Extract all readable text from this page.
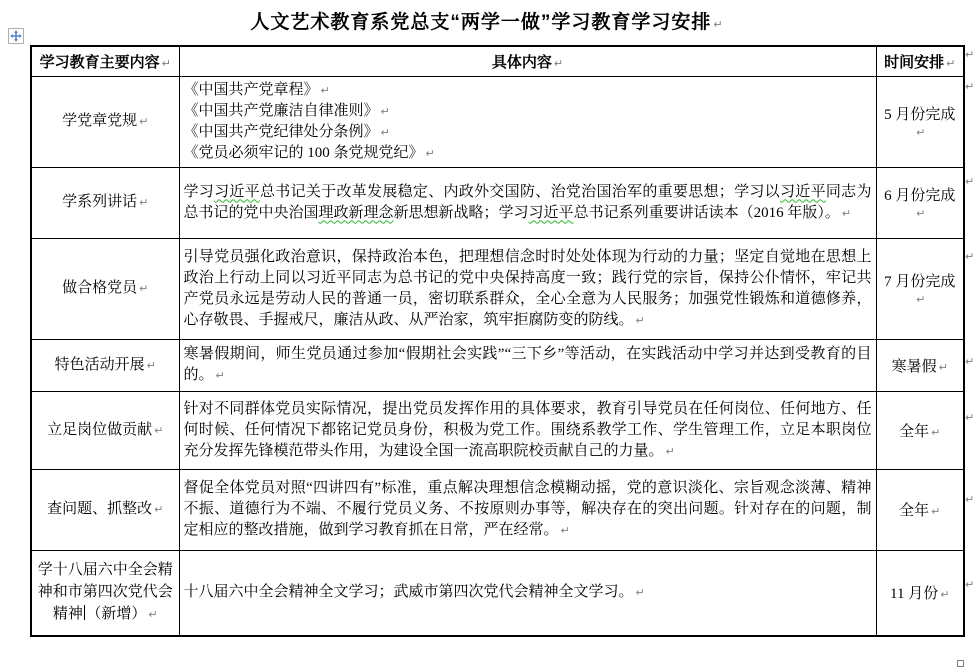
人文艺术教育系党总支“两学一做”学习教育学习安排 ↵
学习教育主要内容 ↵	具体内容 ↵	时间安排 ↵
学党章党规 ↵	《中国共产党章程》 ↵
《中国共产党廉洁自律准则》 ↵
《中国共产党纪律处分条例》 ↵
《党员必须牢记的 100 条党规党纪》 ↵	5 月份完成↵
学系列讲话 ↵	学习习近平总书记关于改革发展稳定、内政外交国防、治党治国治军的重要思想；学习以习近平同志为总书记的党中央治国理政新理念新思想新战略；学习习近平总书记系列重要讲话读本（2016 年版）。 ↵	6 月份完成↵
做合格党员 ↵	引导党员强化政治意识，保持政治本色，把理想信念时时处处体现为行动的力量；坚定自觉地在思想上政治上行动上同以习近平同志为总书记的党中央保持高度一致；践行党的宗旨，保持公仆情怀，牢记共产党员永远是劳动人民的普通一员，密切联系群众，全心全意为人民服务；加强党性锻炼和道德修养，心存敬畏、手握戒尺，廉洁从政、从严治家，筑牢拒腐防变的防线。 ↵	7 月份完成↵
特色活动开展 ↵	寒暑假期间，师生党员通过参加“假期社会实践”“三下乡”等活动，在实践活动中学习并达到受教育的目的。 ↵	寒暑假 ↵
立足岗位做贡献 ↵	针对不同群体党员实际情况，提出党员发挥作用的具体要求，教育引导党员在任何岗位、任何地方、任何时候、任何情况下都铭记党员身份，积极为党工作。围绕系教学工作、学生管理工作，立足本职岗位充分发挥先锋模范带头作用，为建设全国一流高职院校贡献自己的力量。 ↵	全年 ↵
查问题、抓整改 ↵	督促全体党员对照“四讲四有”标准，重点解决理想信念模糊动摇，党的意识淡化、宗旨观念淡薄、精神不振、道德行为不端、不履行党员义务、不按原则办事等，解决存在的突出问题。针对存在的问题，制定相应的整改措施，做到学习教育抓在日常，严在经常。 ↵	全年 ↵
学十八届六中全会精神和市第四次党代会精神 （新增） ↵	十八届六中全会精神全文学习；武威市第四次党代会精神全文学习。 ↵	11 月份 ↵
↵
↵
↵
↵
↵
↵
↵
↵
